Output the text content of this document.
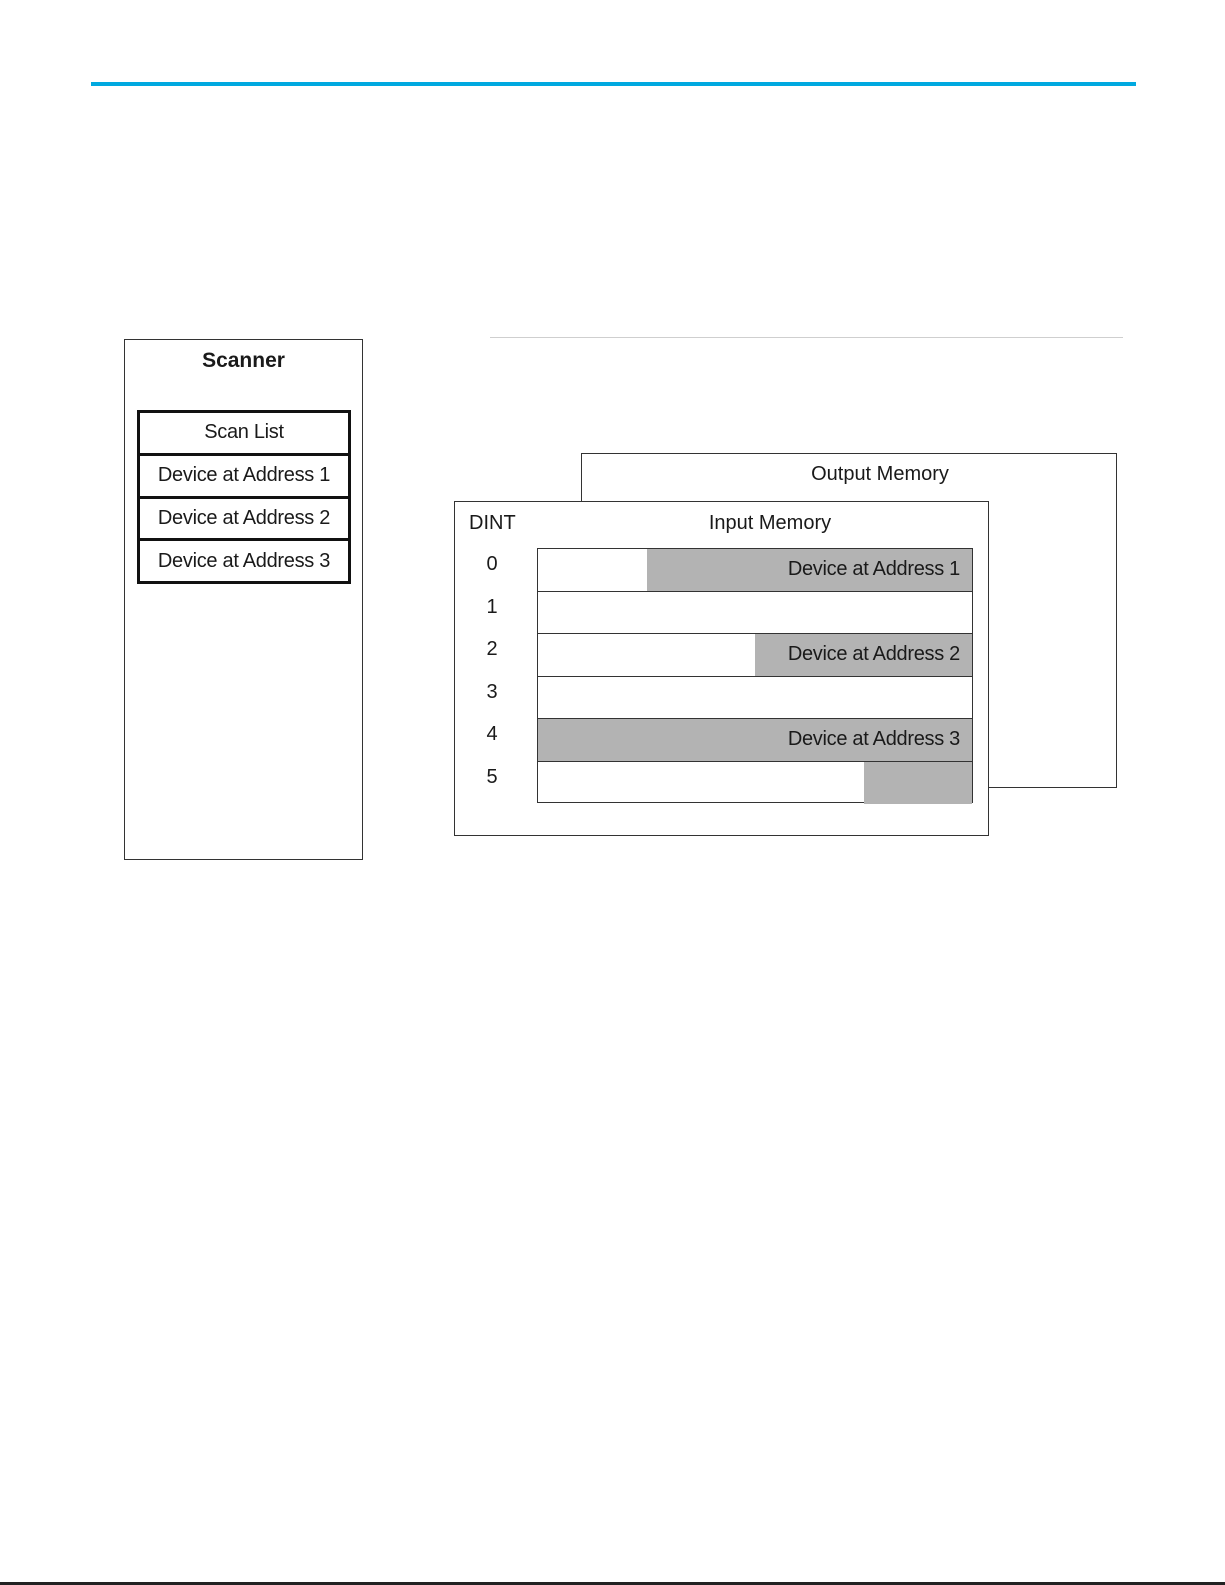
Scanner
Scan List
Device at Address 1
Device at Address 2
Device at Address 3
Output Memory
DINT	Input Memory
0
1
2
3
4
5
Device at Address 1
Device at Address 2
Device at Address 3
